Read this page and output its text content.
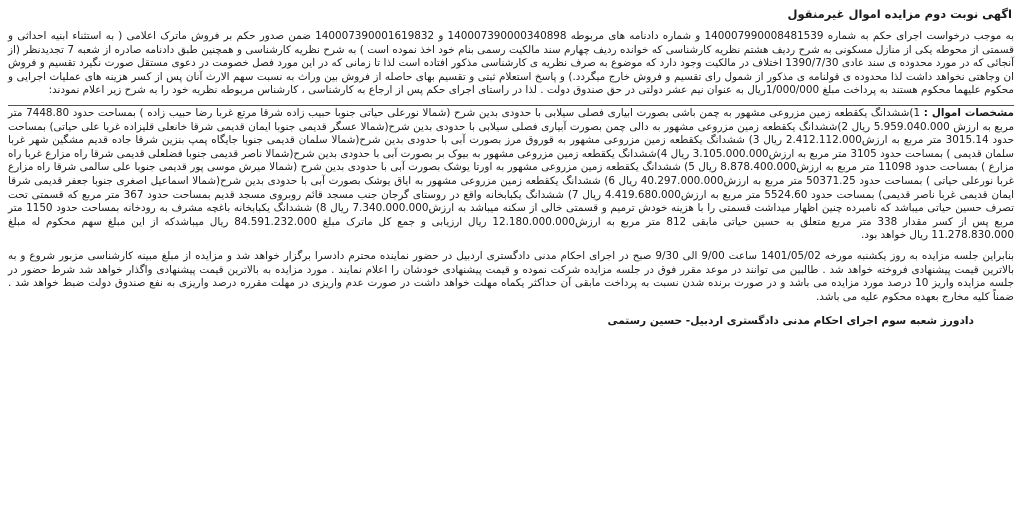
اگهی نوبت دوم مزایده اموال غیرمنقول

به موجب درخواست اجرای حکم به شماره 140007990008481539 و شماره دادنامه های مربوطه 140007390000340898 و 140007390001619832 ضمن صدور حکم بر فروش ماترک اعلامی ( به استثناء ابنیه احداثی و قسمتی از محوطه یکی از منازل مسکونی به شرح ردیف هشتم نظریه کارشناسی که خوانده ردیف چهارم سند مالکیت رسمی بنام خود اخذ نموده است ) به شرح نظریه کارشناسی و همچنین طبق دادنامه صادره از شعبه 7 تجدیدنظر (از آنجائی که در مورد محدوده ی سند عادی 1390/7/30 اختلاف در مالکیت وجود دارد که موضوع به صرف نظریه ی کارشناسی مذکور افتاده است لذا تا زمانی که در این مورد فصل خصومت در دعوی مستقل صورت نگیرد تقسیم و فروش ان وجاهتی نخواهد داشت لذا محدوده ی قولنامه ی مذکور از شمول رای تقسیم و فروش خارج میگردد.) و پاسخ استعلام ثبتی و تقسیم بهای حاصله از فروش بین وراث به نسبت سهم الارث آنان پس از کسر هزینه های عملیات اجرایی و محکوم علیهما محکوم هستند به پرداخت مبلغ 1/000/000ریال به عنوان نیم عشر دولتی در حق صندوق دولت . لذا در راستای اجرای حکم پس از ارجاع به کارشناسی ، کارشناس مربوطه نظریه خود را به شرح زیر اعلام نمودند:

مشخصات اموال : 1)ششدانگ یکقطعه زمین مزروعی مشهور به چمن باشی بصورت ابیاری فصلی سیلابی با حدودی بدین شرح (شمالا نورعلی حیاتی جنوبا حبیب زاده شرقا مرتع غربا رضا حبیب زاده ) بمساحت حدود 7448.80 متر مربع به ارزش 5.959.040.000 ریال 2)ششدانگ یکقطعه زمین مزروعی مشهور به دالی چمن بصورت آبیاری فصلی سیلابی با حدودی بدین شرح(شمالا عسگر قدیمی جنوبا ایمان قدیمی شرقا خانعلی قلیزاده غربا علی حیاتی) بمساحت حدود 3015.14 متر مربع به ارزش2.412.112.000 ریال 3) ششدانگ یکقطعه زمین مزروعی مشهور به قوروق مرز بصورت آبی با حدودی بدین شرح(شمالا سلمان قدیمی جنوبا جایگاه پمپ بنزین شرقا جاده قدیم مشگین شهر غربا سلمان قدیمی ) بمساحت حدود 3105 متر مربع به ارزش3.105.000.000 ریال 4)ششدانگ یکقطعه زمین مزروعی مشهور به بیوک بر بصورت آبی با حدودی بدین شرح(شمالا ناصر قدیمی جنوبا فضلعلی قدیمی شرقا راه مزارع غربا راه مزارع ) بمساحت حدود 11098 متر مربع به ارزش8.878.400.000 ریال 5) ششدانگ یکقطعه زمین مزروعی مشهور به اورتا یوشک بصورت آبی با حدودی بدین شرح (شمالا میرش موسی پور قدیمی جنوبا علی سالمی شرقا راه مزارع غربا نورعلی حیاتی ) بمساحت حدود 50371.25 متر مربع به ارزش40.297.000.000 ریال 6) ششدانگ یکقطعه زمین مزروعی مشهور به ایاق یوشک بصورت آبی با حدودی بدین شرح(شمالا اسماعیل اصغری جنوبا جعفر قدیمی شرقا ایمان قدیمی غربا ناصر قدیمی) بمساحت حدود 5524.60 متر مربع به ارزش4.419.680.000 ریال 7) ششدانگ یکبابخانه واقع در روستای گرجان جنب مسجد قائم روبروی مسجد قدیم بمساحت حدود 367 متر مربع که قسمتی تحت تصرف حسین حیاتی میباشد که نامبرده چنین اظهار میداشت قسمتی را با هزینه خودش ترمیم و قسمتی خالی از سکنه میباشد به ارزش7.340.000.000 ریال 8) ششدانگ یکبابخانه باغچه مشرف به رودخانه بمساحت حدود 1150 متر مربع پس از کسر مقدار 338 متر مربع متعلق به حسین حیاتی مابقی 812 متر مربع به ارزش12.180.000.000 ریال ارزیابی و جمع کل ماترک مبلغ 84.591.232.000 ریال میباشدکه از این مبلغ سهم محکوم له مبلغ 11.278.830.000 ریال خواهد بود.

بنابراین جلسه مزایده به روز یکشنبه مورخه 1401/05/02 ساعت 9/00 الی 9/30 صبح در اجرای احکام مدنی دادگستری اردبیل در حضور نماینده محترم دادسرا برگزار خواهد شد و مزایده از مبلغ مبینه کارشناسی مزبور شروع و به بالاترین قیمت پیشنهادی فروخته خواهد شد . طالبین می توانند در موعد مقرر فوق در جلسه مزایده شرکت نموده و قیمت پیشنهادی خودشان را اعلام نمایند . مورد مزایده به بالاترین قیمت پیشنهادی واگذار خواهد شد شرط حضور در جلسه مزایده واریز 10 درصد مورد مزایده می باشد و در صورت برنده شدن نسبت به پرداخت مابقی آن حداکثر یکماه مهلت خواهد داشت در صورت عدم واریزی در مهلت مقرره درصد واریزی به نفع صندوق دولت ضبط خواهد شد . ضمناً کلیه مخارج بعهده محکوم علیه می باشد.

دادورز شعبه سوم اجرای احکام مدنی دادگستری اردبیل- حسین رستمی
